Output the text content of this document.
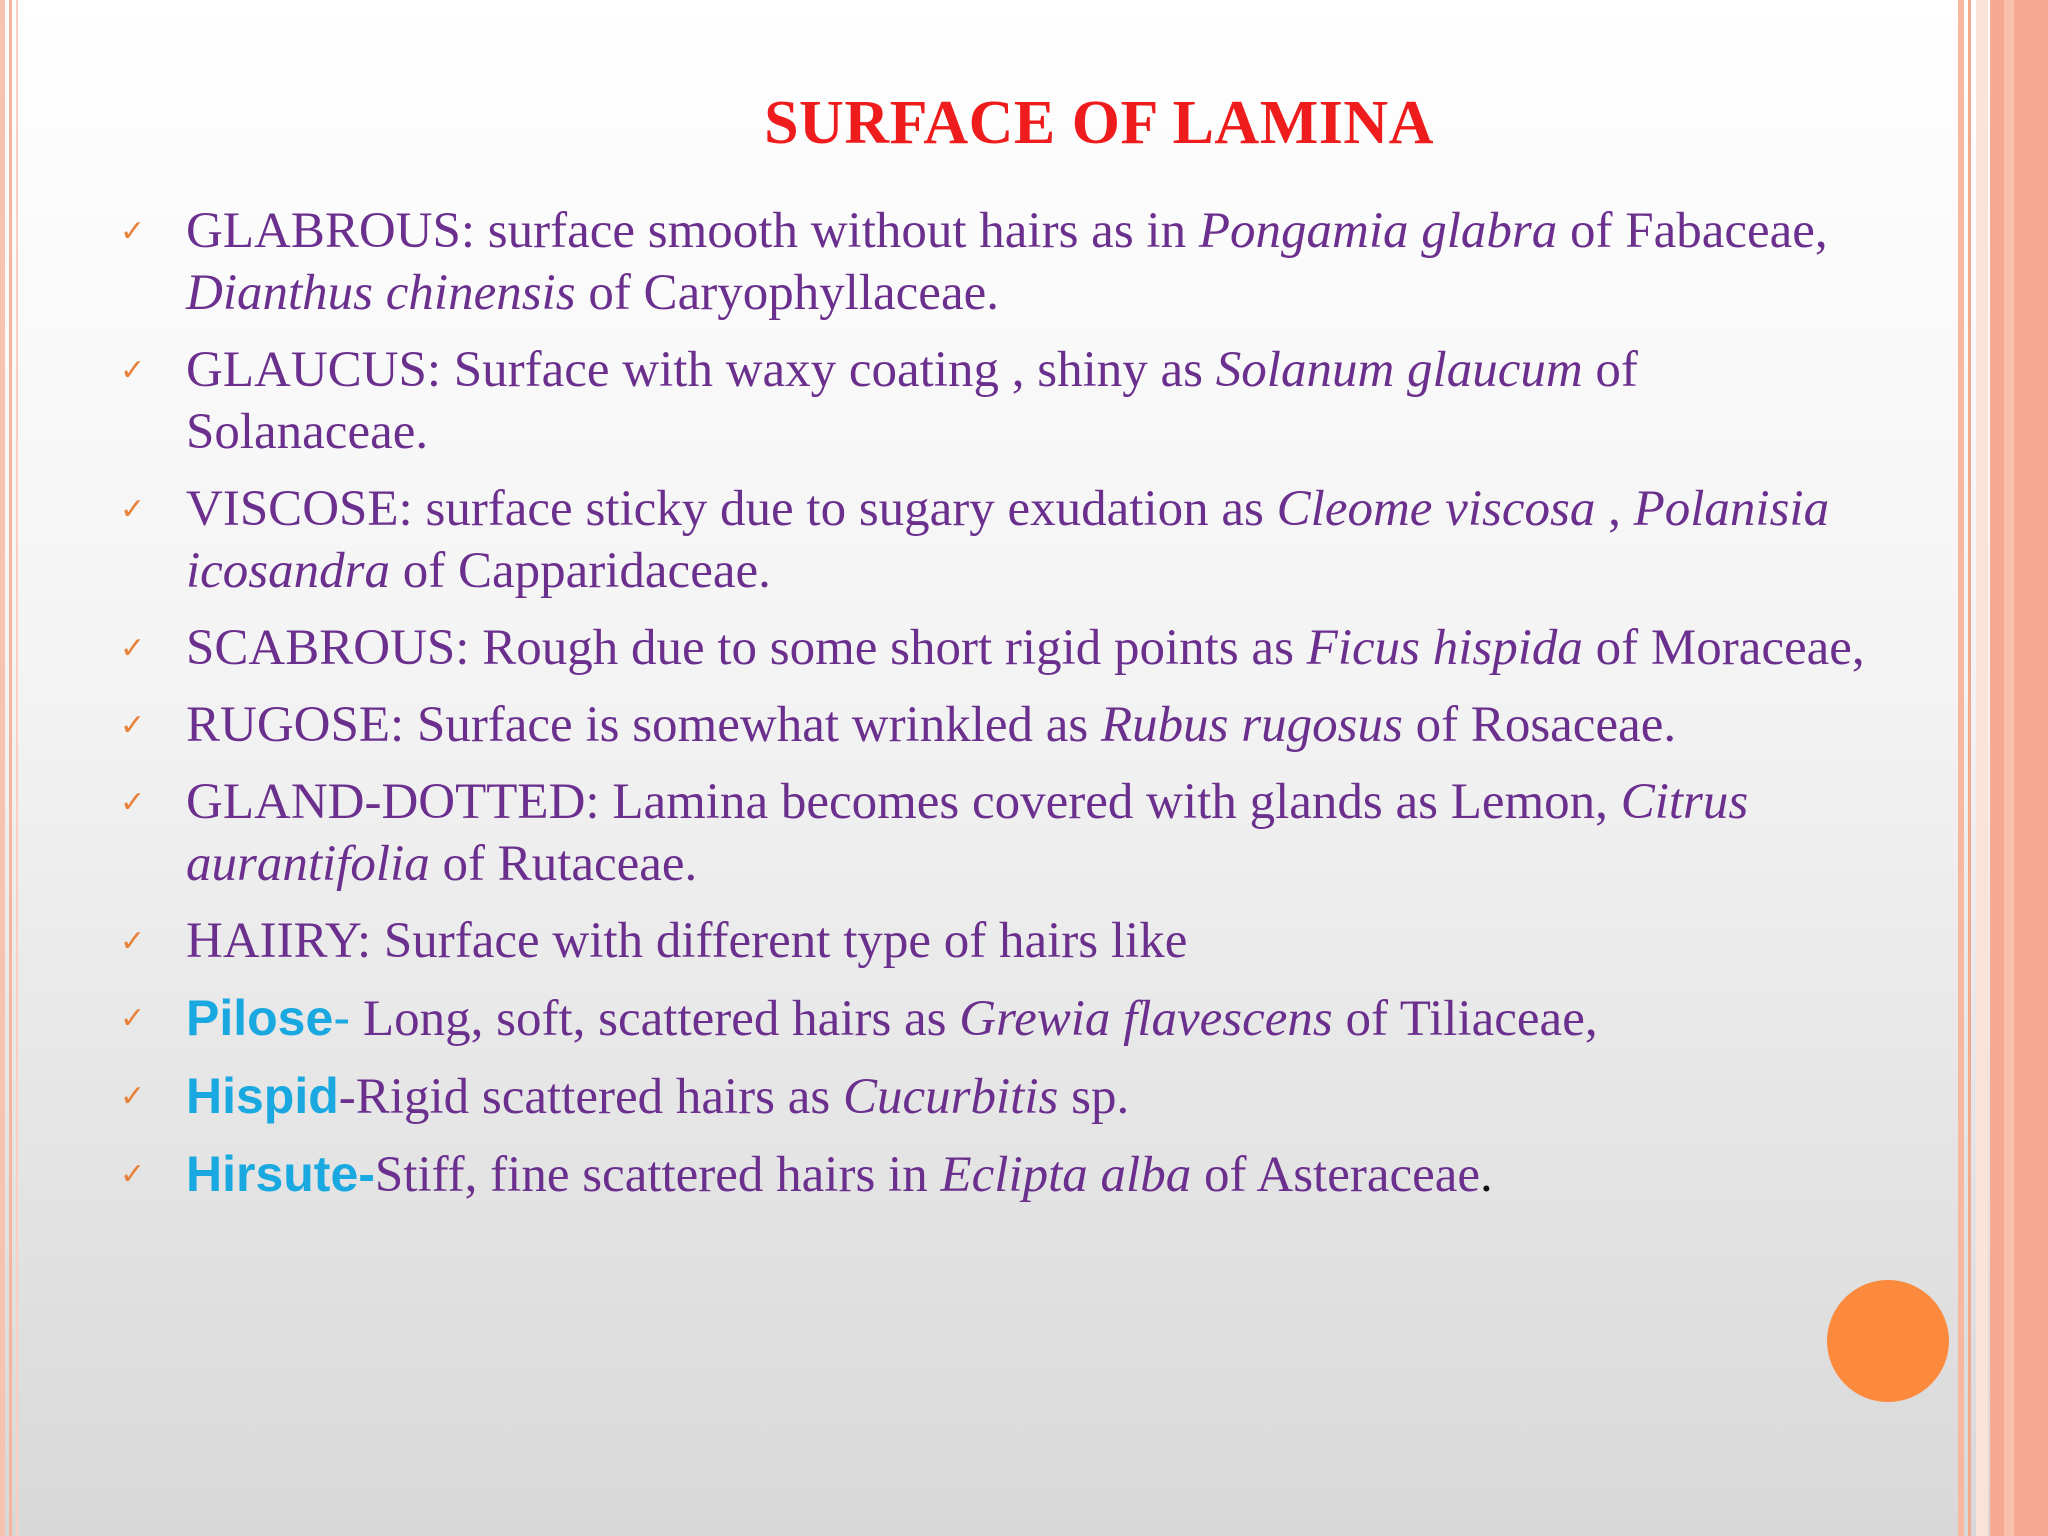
SURFACE OF LAMINA
✓ GLABROUS: surface smooth without hairs as in Pongamia glabra of Fabaceae, Dianthus chinensis of Caryophyllaceae.
✓ GLAUCUS: Surface with waxy coating , shiny as Solanum glaucum of Solanaceae.
✓ VISCOSE: surface sticky due to sugary exudation as Cleome viscosa , Polanisia icosandra of Capparidaceae.
✓ SCABROUS: Rough due to some short rigid points as Ficus hispida of Moraceae,
✓ RUGOSE: Surface is somewhat wrinkled as Rubus rugosus of Rosaceae.
✓ GLAND-DOTTED: Lamina becomes covered with glands as Lemon, Citrus aurantifolia of Rutaceae.
✓ HAIIRY: Surface with different type of hairs like
✓ Pilose- Long, soft, scattered hairs as Grewia flavescens of Tiliaceae,
✓ Hispid-Rigid scattered hairs as Cucurbitis sp.
✓ Hirsute-Stiff, fine scattered hairs in Eclipta alba of Asteraceae.
